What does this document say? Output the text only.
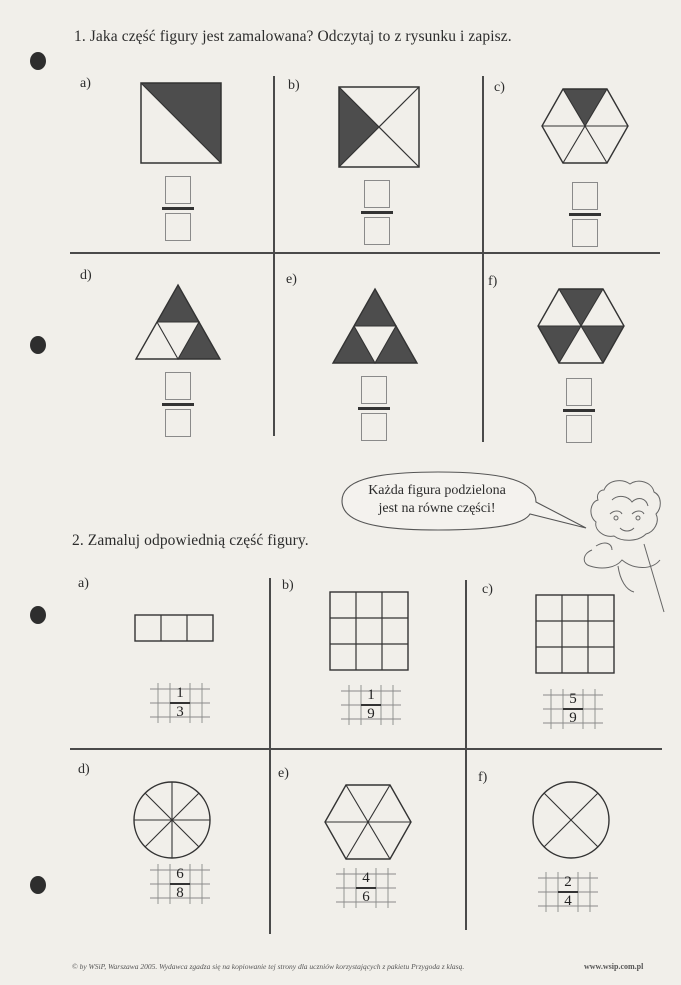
1. Jaka część figury jest zamalowana? Odczytaj to z rysunku i zapisz.
a)	b)	c)
d)	e)	f)
Każda figura podzielona
jest na równe części!
2. Zamaluj odpowiednią część figury.
a)	b)	c)
d)	e)	f)
1
3
1
9
5
9
6
8
4
6
2
4
© by WSiP, Warszawa 2005. Wydawca zgadza się na kopiowanie tej strony dla uczniów korzystających z pakietu Przygoda z klasą.	www.wsip.com.pl
